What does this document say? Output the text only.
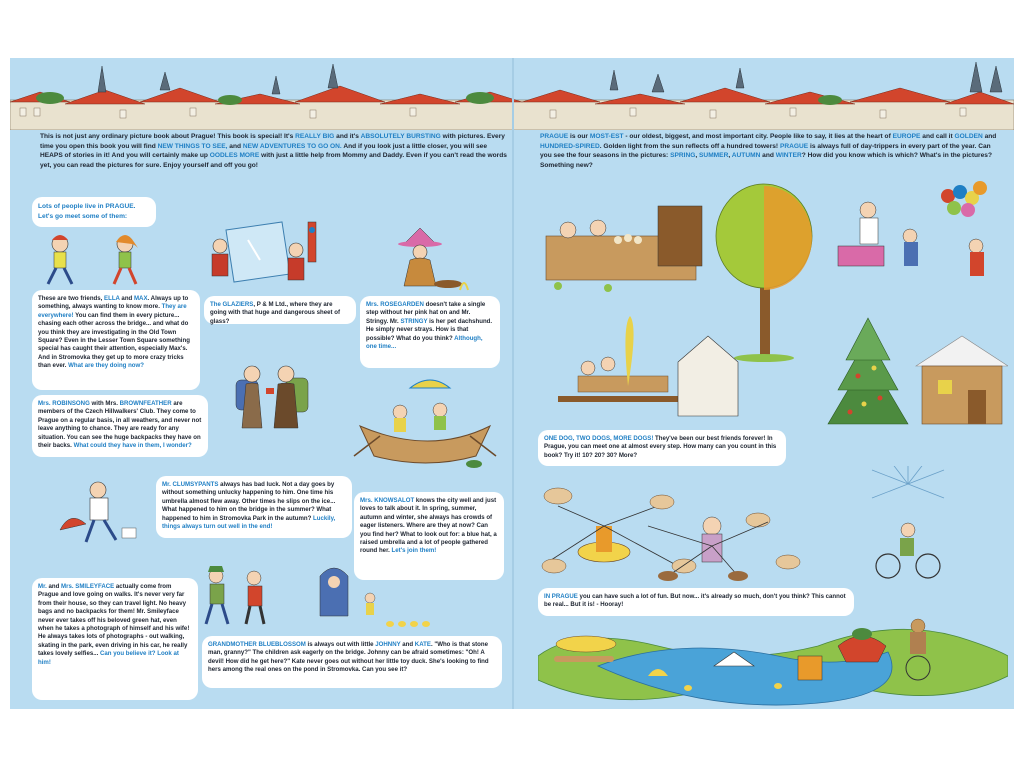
This is not just any ordinary picture book about Prague! This book is special! It's REALLY BIG and it's ABSOLUTELY BURSTING with pictures. Every time you open this book you will find NEW THINGS TO SEE, and NEW ADVENTURES TO GO ON. And if you look just a little closer, you will see HEAPS of stories in it! And you will certainly make up OODLES MORE with just a little help from Mommy and Daddy. Even if you can't read the words yet, you can read the pictures for sure. Enjoy yourself and off you go!

Lots of people live in PRAGUE.

Let's go meet some of them:

These are two friends, ELLA and MAX. Always up to something, always wanting to know more. They are everywhere! You can find them in every picture... chasing each other across the bridge... and what do you think they are investigating in the Old Town Square? Even in the Lesser Town Square something special has caught their attention, especially Max's. And in Stromovka they get up to more crazy tricks than ever. What are they doing now?

The GLAZIERS, P & M Ltd., where they are going with that huge and dangerous sheet of glass?

Mrs. ROSEGARDEN doesn't take a single step without her pink hat on and Mr. Stringy. Mr. STRINGY is her pet dachshund. He simply never strays. How is that possible? What do you think? Although, one time...

Mrs. ROBINSONG with Mrs. BROWNFEATHER are members of the Czech Hillwalkers' Club. They come to Prague on a regular basis, in all weathers, and never not leave anything to chance. They are ready for any situation. You can see the huge backpacks they have on their backs. What could they have in them, I wonder?

Mr. CLUMSYPANTS always has bad luck. Not a day goes by without something unlucky happening to him. One time his umbrella almost flew away. Other times he slips on the ice... What happened to him on the bridge in the summer? What happened to him in Stromovka Park in the autumn? Luckily, things always turn out well in the end!

Mrs. KNOWSALOT knows the city well and just loves to talk about it. In spring, summer, autumn and winter, she always has crowds of eager listeners. Where are they at now? Can you find her? What to look out for: a blue hat, a raised umbrella and a lot of people gathered round her. Let's join them!

Mr. and Mrs. SMILEYFACE actually come from Prague and love going on walks. It's never very far from their house, so they can travel light. No heavy bags and no backpacks for them! Mr. Smileyface never ever takes off his beloved green hat, even when he takes a photograph of himself and his wife! He always takes lots of photographs - out walking, skating in the park, even driving in his car, he really takes lovely selfies... Can you believe it? Look at him!

GRANDMOTHER BLUEBLOSSOM is always out with little JOHNNY and KATE. "Who is that stone man, granny?" The children ask eagerly on the bridge. Johnny can be afraid sometimes: "Oh! A devil! How did he get here?" Kate never goes out without her little toy duck. She's looking to find hers among the real ones on the pond in Stromovka. Can you see it?

PRAGUE is our MOST-EST - our oldest, biggest, and most important city. People like to say, it lies at the heart of EUROPE and call it GOLDEN and HUNDRED-SPIRED. Golden light from the sun reflects off a hundred towers! PRAGUE is always full of day-trippers in every part of the year. Can you see the four seasons in the pictures: SPRING, SUMMER, AUTUMN and WINTER? How did you know which is which? What's in the pictures? Something new?

ONE DOG, TWO DOGS, MORE DOGS! They've been our best friends forever! In Prague, you can meet one at almost every step. How many can you count in this book? Try it! 10? 20? 30? More?

IN PRAGUE you can have such a lot of fun. But now... it's already so much, don't you think? This cannot be real... But it is! - Hooray!
